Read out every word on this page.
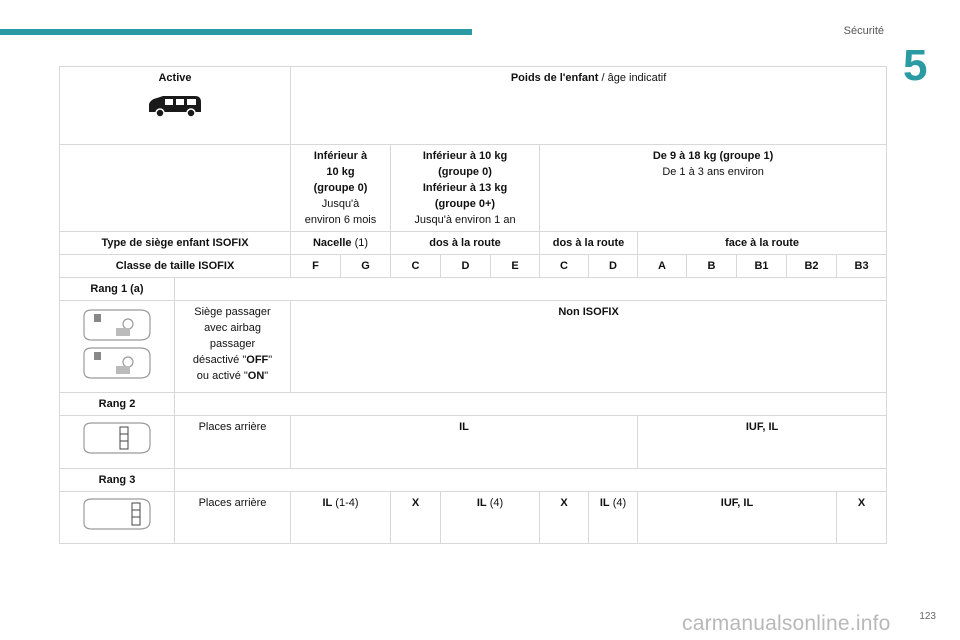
Sécurité
5
Active		Poids de l'enfant / âge indicatif											
		Inférieur à
10 kg
(groupe 0)
Jusqu'à
environ 6 mois		Inférieur à 10 kg
(groupe 0)
Inférieur à 13 kg
(groupe 0+)
Jusqu'à environ 1 an			De 9 à 18 kg (groupe 1)
De 1 à 3 ans environ						
Type de siège enfant ISOFIX		Nacelle (1)		dos à la route			dos à la route		face à la route				
Classe de taille ISOFIX		F	G	C	D	E	C	D	A	B	B1	B2	B3
Rang 1 (a)													
	Siège passager
avec airbag
passager
désactivé "OFF"
ou activé "ON"	Non ISOFIX											
Rang 2													
	Places arrière	IL							IUF, IL				
Rang 3													
	Places arrière	IL (1-4)		X	IL (4)		X	IL (4)	IUF, IL				X
carmanualsonline.info	123
